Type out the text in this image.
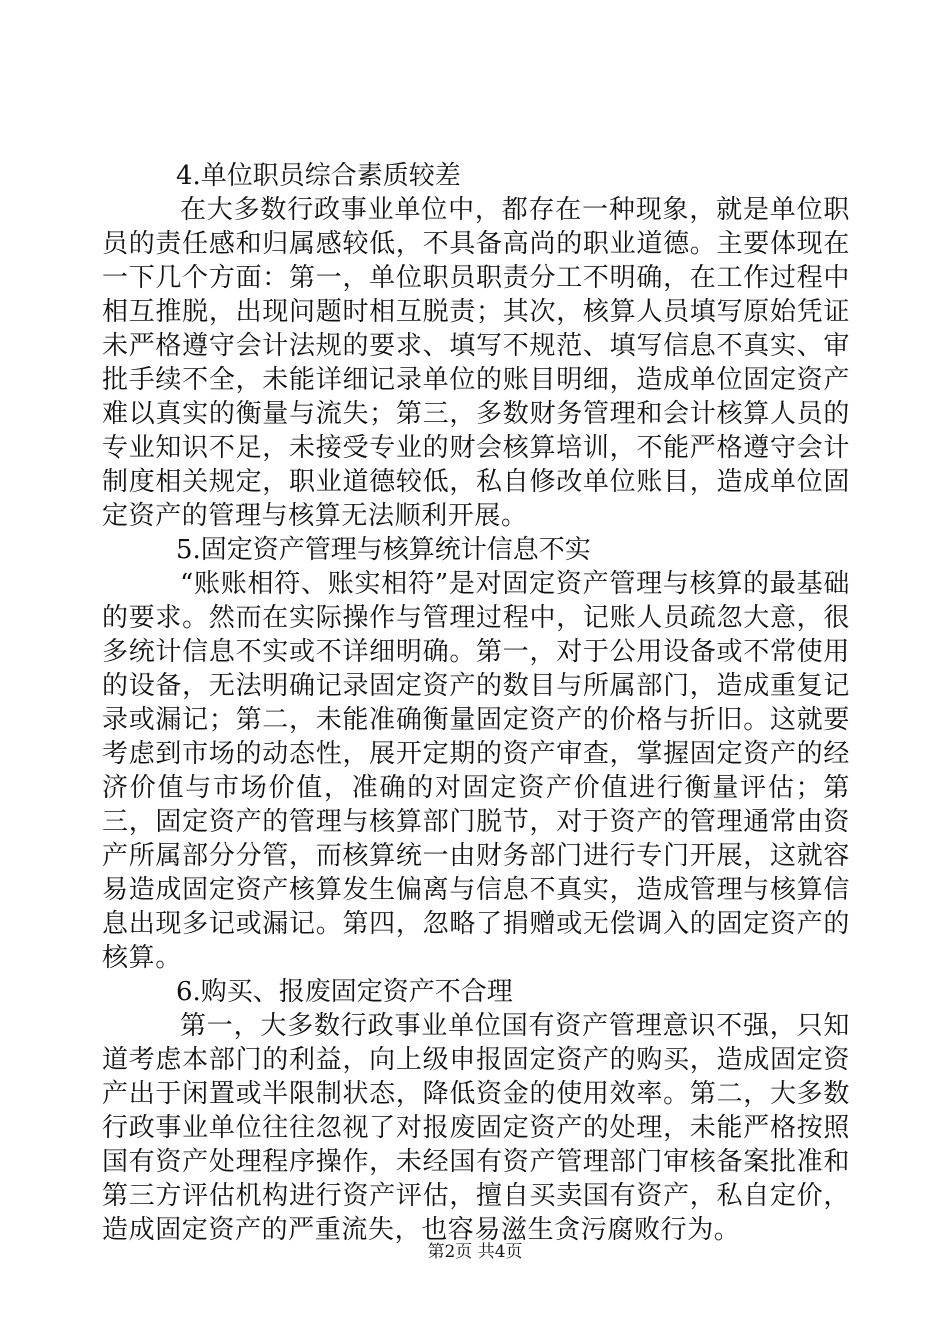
4.单位职员综合素质较差

在大多数行政事业单位中，都存在一种现象，就是单位职员的责任感和归属感较低，不具备高尚的职业道德。主要体现在一下几个方面：第一，单位职员职责分工不明确，在工作过程中相互推脱，出现问题时相互脱责；其次，核算人员填写原始凭证未严格遵守会计法规的要求、填写不规范、填写信息不真实、审批手续不全，未能详细记录单位的账目明细，造成单位固定资产难以真实的衡量与流失；第三，多数财务管理和会计核算人员的专业知识不足，未接受专业的财会核算培训，不能严格遵守会计制度相关规定，职业道德较低，私自修改单位账目，造成单位固定资产的管理与核算无法顺利开展。

5.固定资产管理与核算统计信息不实

“账账相符、账实相符”是对固定资产管理与核算的最基础的要求。然而在实际操作与管理过程中，记账人员疏忽大意，很多统计信息不实或不详细明确。第一，对于公用设备或不常使用的设备，无法明确记录固定资产的数目与所属部门，造成重复记录或漏记；第二，未能准确衡量固定资产的价格与折旧。这就要考虑到市场的动态性，展开定期的资产审查，掌握固定资产的经济价值与市场价值，准确的对固定资产价值进行衡量评估；第三，固定资产的管理与核算部门脱节，对于资产的管理通常由资产所属部分分管，而核算统一由财务部门进行专门开展，这就容易造成固定资产核算发生偏离与信息不真实，造成管理与核算信息出现多记或漏记。第四，忽略了捐赠或无偿调入的固定资产的核算。

6.购买、报废固定资产不合理

第一，大多数行政事业单位国有资产管理意识不强，只知道考虑本部门的利益，向上级申报固定资产的购买，造成固定资产出于闲置或半限制状态，降低资金的使用效率。第二，大多数行政事业单位往往忽视了对报废固定资产的处理，未能严格按照国有资产处理程序操作，未经国有资产管理部门审核备案批准和第三方评估机构进行资产评估，擅自买卖国有资产，私自定价，造成固定资产的严重流失，也容易滋生贪污腐败行为。

第2页 共4页
